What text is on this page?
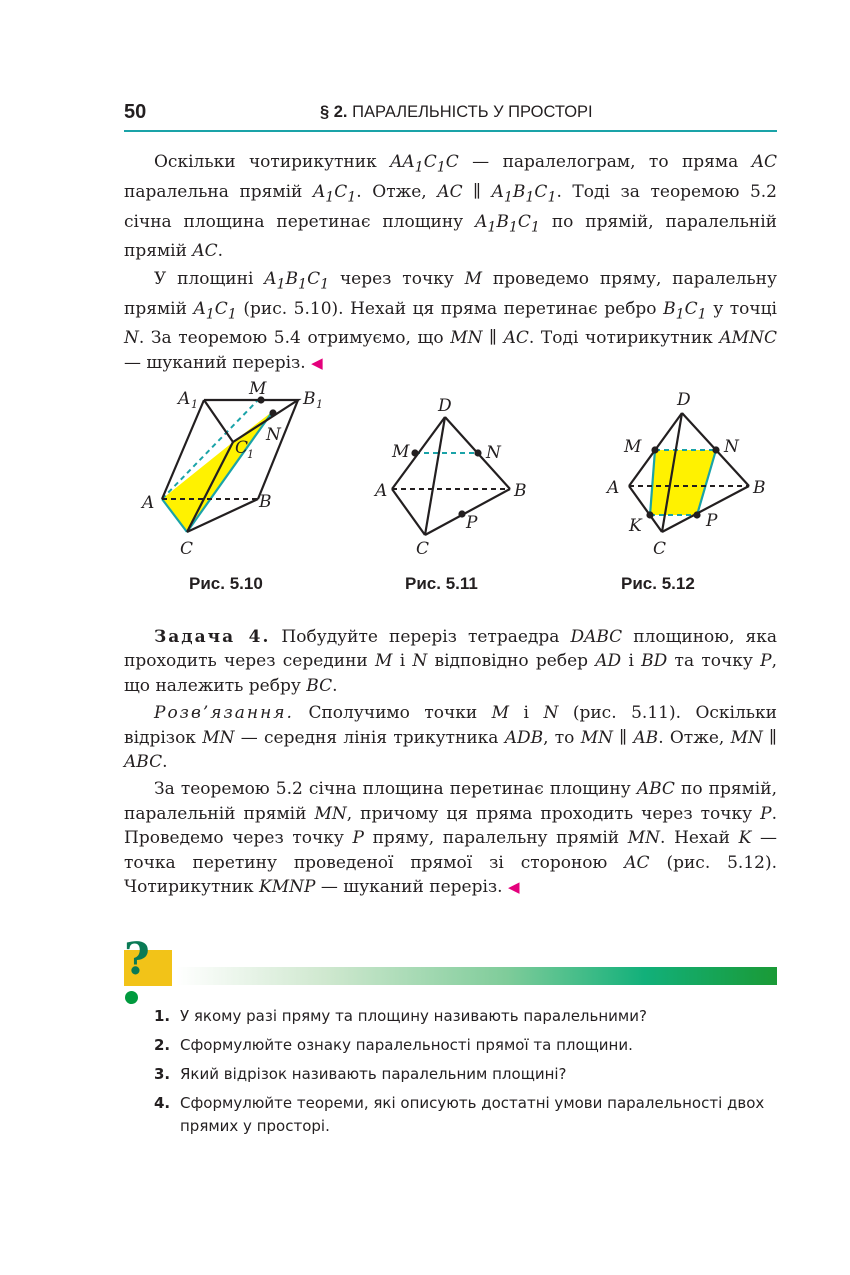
50	§ 2. ПАРАЛЕЛЬНІСТЬ У ПРОСТОРІ

Оскільки чотирикутник $AA_1C_1C$ — паралелограм, то пряма AC паралельна прямій $A_1C_1$. Отже, AC ∥ $A_1B_1C_1$. Тоді за теоремою 5.2 січна площина перетинає площину $A_1B_1C_1$ по прямій, паралельній прямій AC.

У площині $A_1B_1C_1$ через точку M проведемо пряму, паралельну прямій $A_1C_1$ (рис. 5.10). Нехай ця пряма перетинає ребро $B_1C_1$ у точці N. За теоремою 5.4 отримуємо, що MN ∥ AC. Тоді чотирикутник AMNC — шуканий переріз. ◀

A 1
M B 1
N
C
1
A	B
C
Рис. 5.10
D
M	N
A	B
P
C
Рис. 5.11
D
M	N
A	B
K	P
C
Рис. 5.12

Задача 4. Побудуйте переріз тетраедра DABC площиною, яка проходить через середини M і N відповідно ребер AD і BD та точку P, що належить ребру BC.

Розв’язання. Сполучимо точки M і N (рис. 5.11). Оскільки відрізок MN — середня лінія трикутника ADB, то MN ∥ AB. Отже, MN ∥ ABC.

За теоремою 5.2 січна площина перетинає площину ABC по прямій, паралельній прямій MN, причому ця пряма проходить через точку P. Проведемо через точку P пряму, паралельну прямій MN. Нехай K — точка перетину проведеної прямої зі стороною AC (рис. 5.12). Чотирикутник KMNP — шуканий переріз. ◀

?
1. У якому разі пряму та площину називають паралельними?
2. Сформулюйте ознаку паралельності прямої та площини.
3. Який відрізок називають паралельним площині?
4. Сформулюйте теореми, які описують достатні умови паралельності двох прямих у просторі.
